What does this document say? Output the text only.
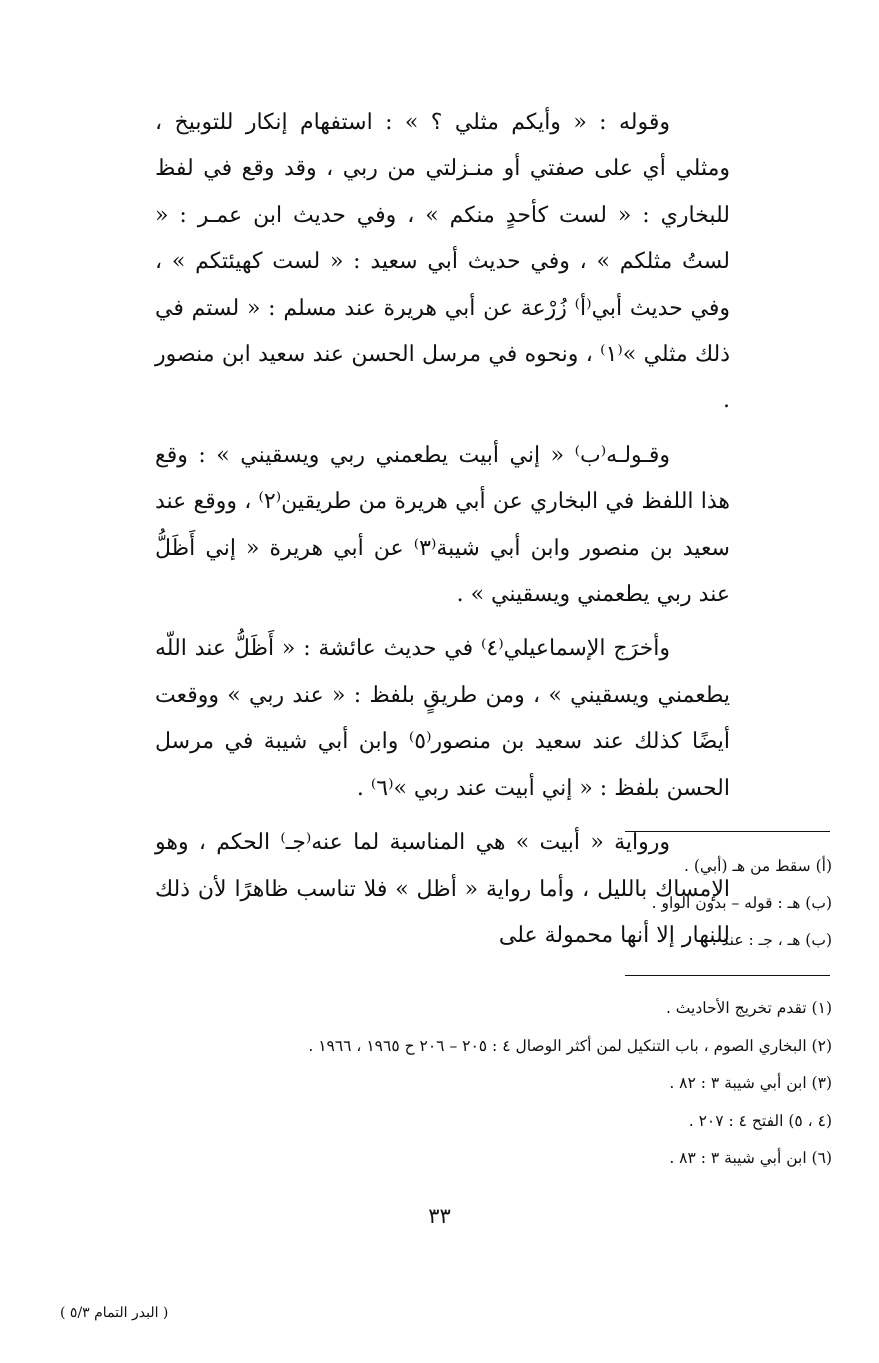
وقوله : « وأيكم مثلي ؟ » : استفهام إنكار للتوبيخ ، ومثلي أي على صفتي أو منـزلتي من ربي ، وقد وقع في لفظ للبخاري : « لست كأحدٍ منكم » ، وفي حديث ابن عمـر : « لستُ مثلكم » ، وفي حديث أبي سعيد : « لست كهيئتكم » ، وفي حديث أبي⁽أ⁾ زُرْعة عن أبي هريرة عند مسلم : « لستم في ذلك مثلي »⁽١⁾ ، ونحوه في مرسل الحسن عند سعيد ابن منصور .

وقـولـه⁽ب⁾ « إني أبيت يطعمني ربي ويسقيني » : وقع هذا اللفظ في البخاري عن أبي هريرة من طريقين⁽٢⁾ ، ووقع عند سعيد بن منصور وابن أبي شيبة⁽٣⁾ عن أبي هريرة « إني أَظَلُّ عند ربي يطعمني ويسقيني » .

وأخرَج الإسماعيلي⁽٤⁾ في حديث عائشة : « أَظَلُّ عند اللّه يطعمني ويسقيني » ، ومن طريقٍ بلفظ : « عند ربي » ووقعت أيضًا كذلك عند سعيد بن منصور⁽٥⁾ وابن أبي شيبة في مرسل الحسن بلفظ : « إني أبيت عند ربي »⁽٦⁾ .

ورواية « أبيت » هي المناسبة لما عنه⁽جـ⁾ الحكم ، وهو الإمساك بالليل ، وأما رواية « أظل » فلا تناسب ظاهرًا لأن ذلك للنهار إلا أنها محمولة على

(أ) سقط من هـ (أبي) .

(ب) هـ : قوله – بدون الواو .

(ب) هـ ، جـ : عند .

(١) تقدم تخريج الأحاديث .

(٢) البخاري الصوم ، باب التنكيل لمن أكثر الوصال ٤ : ٢٠٥ – ٢٠٦ ح ١٩٦٥ ، ١٩٦٦ .

(٣) ابن أبي شيبة ٣ : ٨٢ .

(٤ ، ٥) الفتح ٤ : ٢٠٧ .

(٦) ابن أبي شيبة ٣ : ٨٣ .

٣٣
( البدر التمام ٥/٣ )
